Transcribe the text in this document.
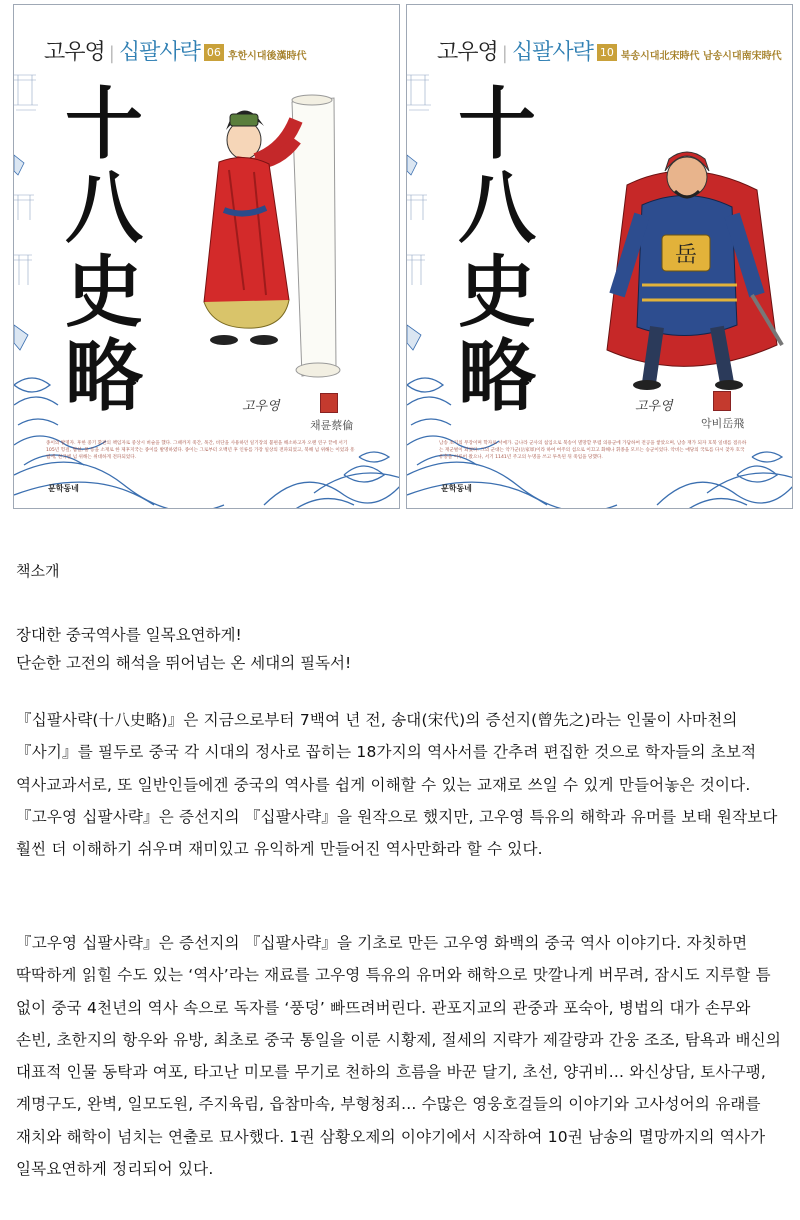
고우영 | 십팔사략 06 후한시대後漢時代
十
八
史
略	고우영
채륜蔡倫
종이의 발명자. 후한 중기 환관의 책임자로 중상시 벼슬을 했다. 그때까지 죽간, 목간, 비단을 사용하던 일기장의 불편을 해소하고자 오랜 연구 끝에 서기 105년 헝겊, 협설, 풀 등을 소재로 한 제후지국는 종이를 발명하였다. 종이는 그로부터 오백년 후 인류를 가장 일상의 전파되었고, 북해 넘 위해는 이었과 흥립에, 친국엔 넘 위해는 위대하게 전파되었다.
문학동네
고우영 | 십팔사략 10 북송시대北宋時代 남송시대南宋時代
十
八
史
略
岳
고우영
악비岳飛
남송 초기의 무장이며 학자로 서예가. 금나라 군사의 침입으로 북송이 멸망할 무렵 의용군에 가담하여 전공을 쌓았으며, 남송 재가 되자 호북 일대를 점유하는 재군벌이 되었다. 그의 군대는 악가군(岳家軍)이라 하여 여주의 섬으로 이끄고 화해나 휘종을 모르는 승군이었다. 악비는 애당의 국토를 다시 찾자 호국 유충을 이루어 왔으나, 서기 1141년 주고의 누명을 쓰고 투옥된 뒤 죽임을 당했다.
문학동네
책소개

장대한 중국역사를 일목요연하게!

단순한 고전의 해석을 뛰어넘는 온 세대의 필독서!

『십팔사략(十八史略)』은 지금으로부터 7백여 년 전, 송대(宋代)의 증선지(曾先之)라는 인물이 사마천의 『사기』를 필두로 중국 각 시대의 정사로 꼽히는 18가지의 역사서를 간추려 편집한 것으로 학자들의 초보적 역사교과서로, 또 일반인들에겐 중국의 역사를 쉽게 이해할 수 있는 교재로 쓰일 수 있게 만들어놓은 것이다. 『고우영 십팔사략』은 증선지의 『십팔사략』을 원작으로 했지만, 고우영 특유의 해학과 유머를 보태 원작보다 훨씬 더 이해하기 쉬우며 재미있고 유익하게 만들어진 역사만화라 할 수 있다.

『고우영 십팔사략』은 증선지의 『십팔사략』을 기초로 만든 고우영 화백의 중국 역사 이야기다. 자칫하면 딱딱하게 읽힐 수도 있는 ‘역사’라는 재료를 고우영 특유의 유머와 해학으로 맛깔나게 버무려, 잠시도 지루할 틈 없이 중국 4천년의 역사 속으로 독자를 ‘풍덩’ 빠뜨려버린다. 관포지교의 관중과 포숙아, 병법의 대가 손무와 손빈, 초한지의 항우와 유방, 최초로 중국 통일을 이룬 시황제, 절세의 지략가 제갈량과 간웅 조조, 탐욕과 배신의 대표적 인물 동탁과 여포, 타고난 미모를 무기로 천하의 흐름을 바꾼 달기, 초선, 양귀비... 와신상담, 토사구팽, 계명구도, 완벽, 일모도원, 주지육림, 읍참마속, 부형청죄... 수많은 영웅호걸들의 이야기와 고사성어의 유래를 재치와 해학이 넘치는 연출로 묘사했다. 1권 삼황오제의 이야기에서 시작하여 10권 남송의 멸망까지의 역사가 일목요연하게 정리되어 있다.
